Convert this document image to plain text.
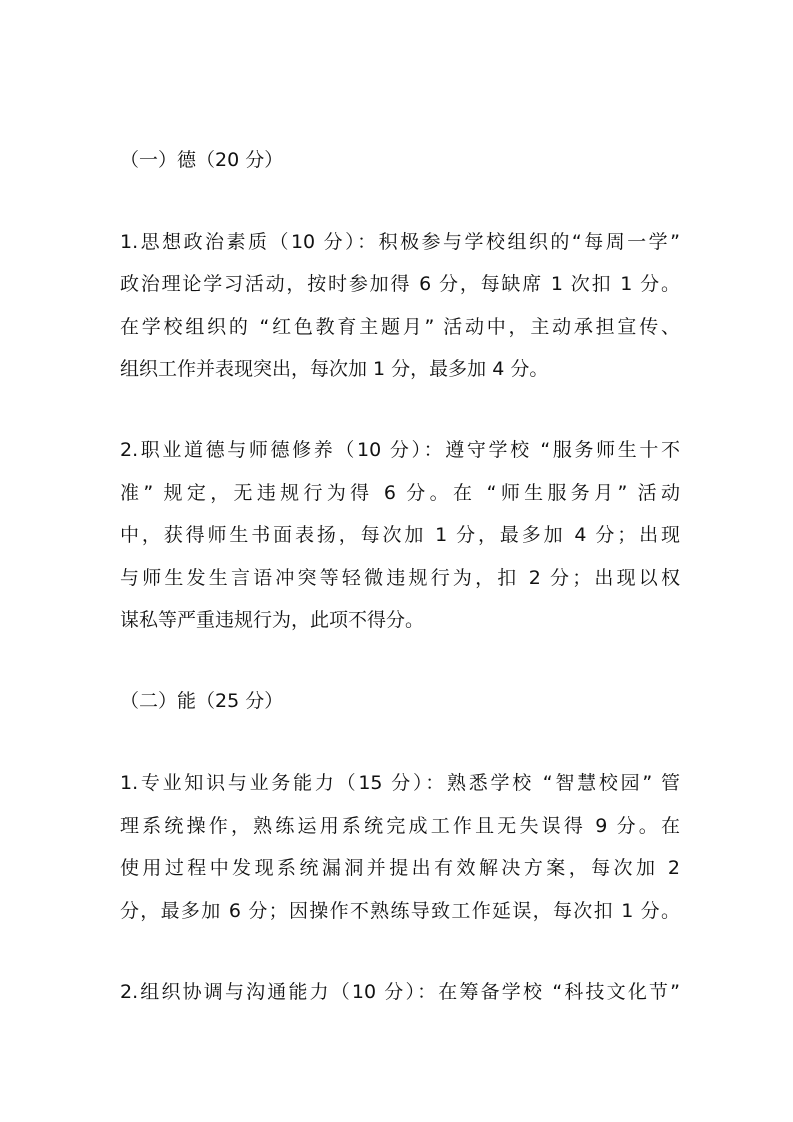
（一）德（20 分）
1.思想政治素质（10 分）：积极参与学校组织的“每周一学”
政治理论学习活动，按时参加得 6 分，每缺席 1 次扣 1 分。
在学校组织的 “红色教育主题月” 活动中，主动承担宣传、
组织工作并表现突出，每次加 1 分，最多加 4 分。
2.职业道德与师德修养（10 分）：遵守学校 “服务师生十不
准” 规定，无违规行为得 6 分。在 “师生服务月” 活动
中，获得师生书面表扬，每次加 1 分，最多加 4 分；出现
与师生发生言语冲突等轻微违规行为，扣 2 分；出现以权
谋私等严重违规行为，此项不得分。
（二）能（25 分）
1.专业知识与业务能力（15 分）：熟悉学校 “智慧校园” 管
理系统操作，熟练运用系统完成工作且无失误得 9 分。在
使用过程中发现系统漏洞并提出有效解决方案，每次加 2
分，最多加 6 分；因操作不熟练导致工作延误，每次扣 1 分。
2.组织协调与沟通能力（10 分）：在筹备学校 “科技文化节”
